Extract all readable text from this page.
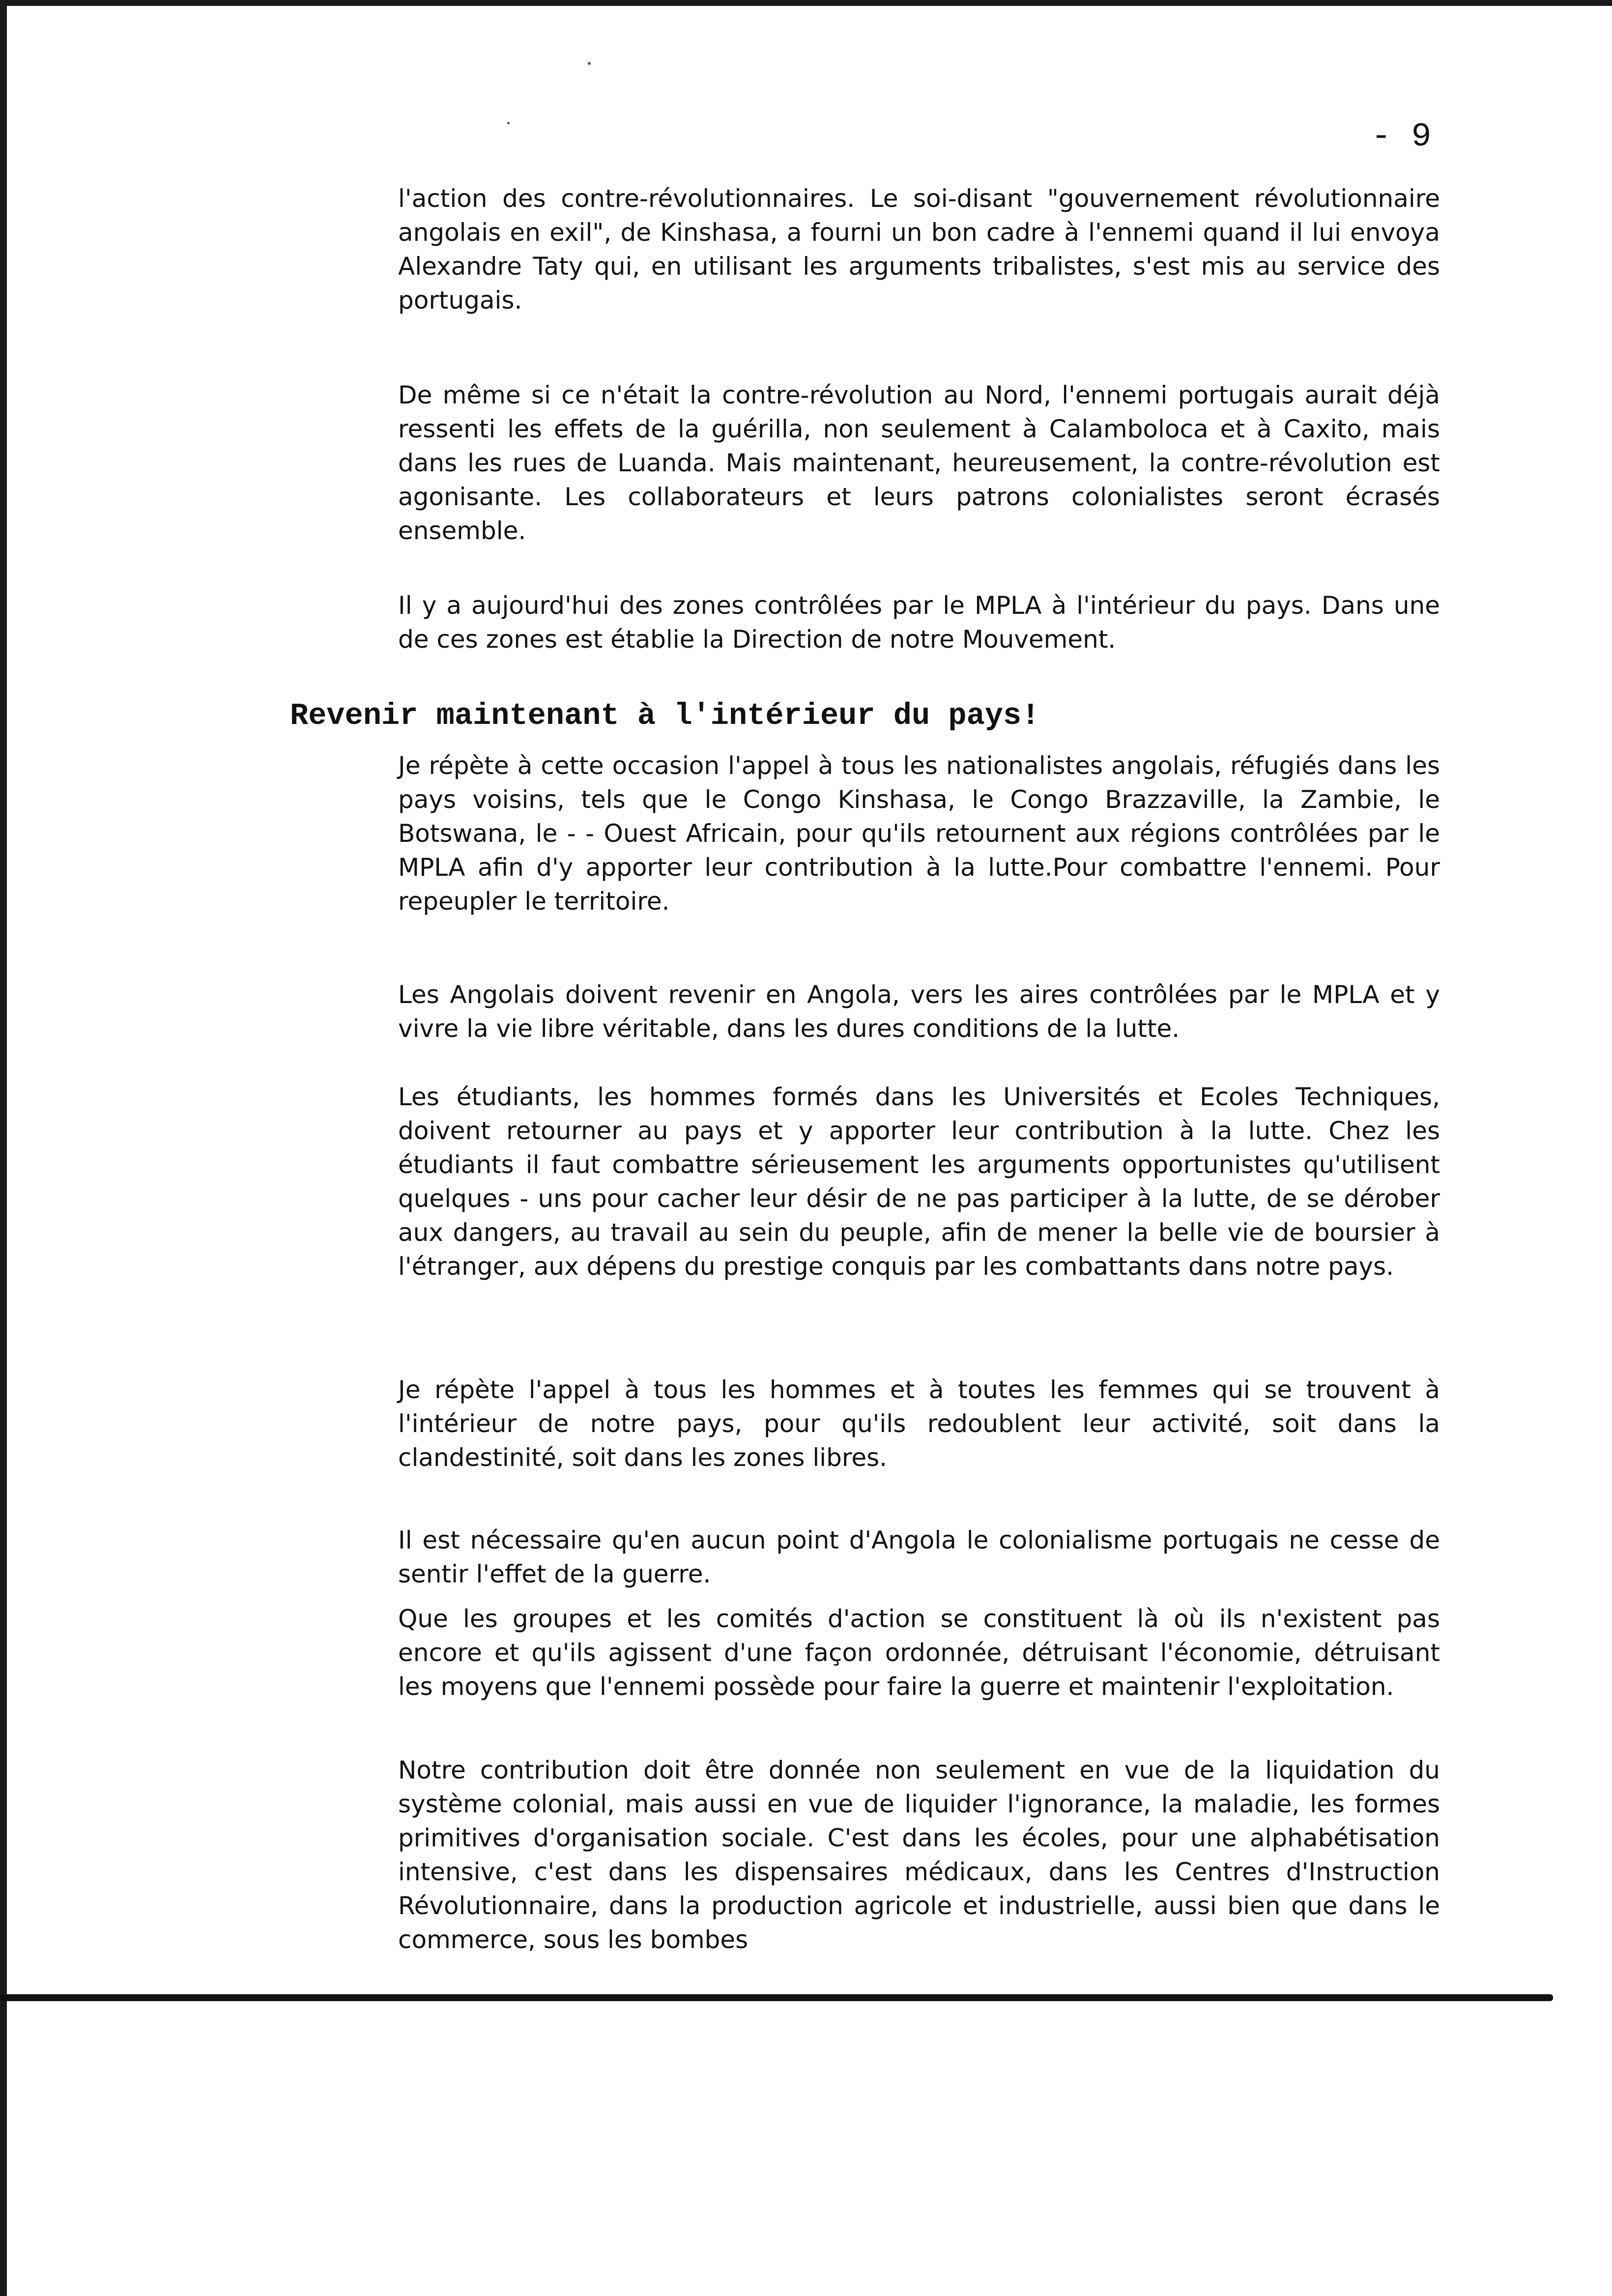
- 9

l'action des contre-révolutionnaires. Le soi-disant "gouvernement révolutionnaire angolais en exil", de Kinshasa, a fourni un bon cadre à l'ennemi quand il lui envoya Alexandre Taty qui, en utilisant les arguments tribalistes, s'est mis au service des portugais.

De même si ce n'était la contre-révolution au Nord, l'ennemi portugais aurait déjà ressenti les effets de la guérilla, non seulement à Calamboloca et à Caxito, mais dans les rues de Luanda. Mais maintenant, heureusement, la contre-révolution est agonisante. Les collaborateurs et leurs patrons colonialistes seront écrasés ensemble.

Il y a aujourd'hui des zones contrôlées par le MPLA à l'intérieur du pays. Dans une de ces zones est établie la Direction de notre Mouvement.

Revenir maintenant à l'intérieur du pays!

Je répète à cette occasion l'appel à tous les nationalistes angolais, réfugiés dans les pays voisins, tels que le Congo Kinshasa, le Congo Brazzaville, la Zambie, le Botswana, le - - Ouest Africain, pour qu'ils retournent aux régions contrôlées par le MPLA afin d'y apporter leur contribution à la lutte.Pour combattre l'ennemi. Pour repeupler le territoire.

Les Angolais doivent revenir en Angola, vers les aires contrôlées par le MPLA et y vivre la vie libre véritable, dans les dures conditions de la lutte.

Les étudiants, les hommes formés dans les Universités et Ecoles Techniques, doivent retourner au pays et y apporter leur contribution à la lutte. Chez les étudiants il faut combattre sérieusement les arguments opportunistes qu'utilisent quelques - uns pour cacher leur désir de ne pas participer à la lutte, de se dérober aux dangers, au travail au sein du peuple, afin de mener la belle vie de boursier à l'étranger, aux dépens du prestige conquis par les combattants dans notre pays.

Je répète l'appel à tous les hommes et à toutes les femmes qui se trouvent à l'intérieur de notre pays, pour qu'ils redoublent leur activité, soit dans la clandestinité, soit dans les zones libres.

Il est nécessaire qu'en aucun point d'Angola le colonialisme portugais ne cesse de sentir l'effet de la guerre.

Que les groupes et les comités d'action se constituent là où ils n'existent pas encore et qu'ils agissent d'une façon ordonnée, détruisant l'économie, détruisant les moyens que l'ennemi possède pour faire la guerre et maintenir l'exploitation.

Notre contribution doit être donnée non seulement en vue de la liquidation du système colonial, mais aussi en vue de liquider l'ignorance, la maladie, les formes primitives d'organisation sociale. C'est dans les écoles, pour une alphabétisation intensive, c'est dans les dispensaires médicaux, dans les Centres d'Instruction Révolutionnaire, dans la production agricole et industrielle, aussi bien que dans le commerce, sous les bombes
